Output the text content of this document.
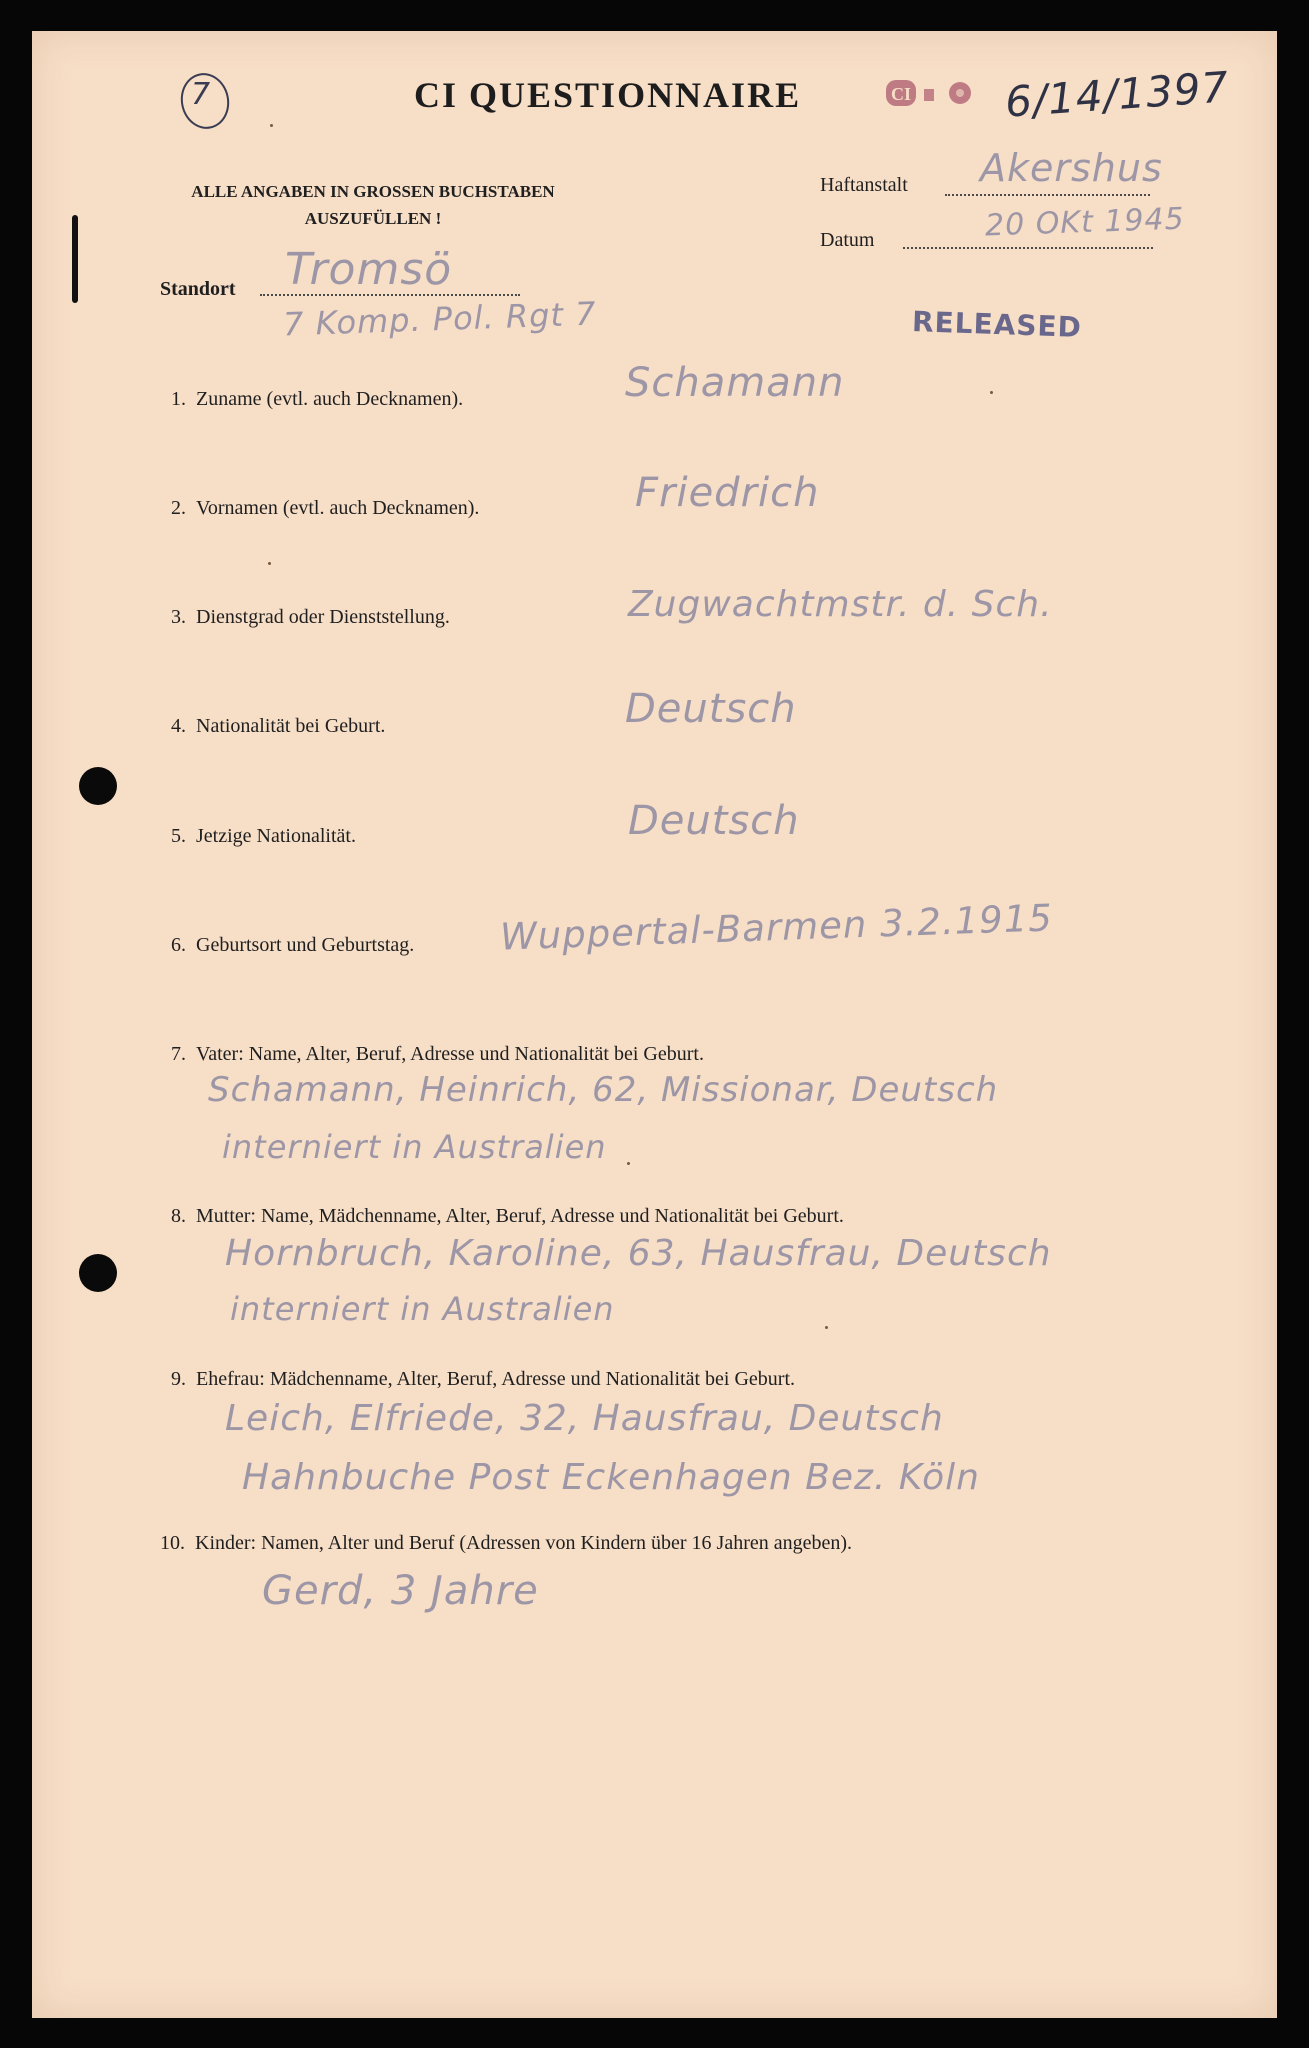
7	CI QUESTIONNAIRE	CI 6/14/1397
ALLE ANGABEN IN GROSSEN BUCHSTABEN AUSZUFÜLLEN !
Haftanstalt Akershus
Datum	20 OKt 1945
Standort Tromsö
7 Komp. Pol. Rgt 7	RELEASED
1. Zuname (evtl. auch Decknamen).	Schamann
2. Vornamen (evtl. auch Decknamen).	Friedrich
3. Dienstgrad oder Dienststellung.	Zugwachtmstr. d. Sch.
4. Nationalität bei Geburt.	Deutsch
5. Jetzige Nationalität.	Deutsch
6. Geburtsort und Geburtstag. Wuppertal-Barmen 3.2.1915
7. Vater: Name, Alter, Beruf, Adresse und Nationalität bei Geburt.
Schamann, Heinrich, 62, Missionar, Deutsch
interniert in Australien
8. Mutter: Name, Mädchenname, Alter, Beruf, Adresse und Nationalität bei Geburt.
Hornbruch, Karoline, 63, Hausfrau, Deutsch
interniert in Australien
9. Ehefrau: Mädchenname, Alter, Beruf, Adresse und Nationalität bei Geburt.
Leich, Elfriede, 32, Hausfrau, Deutsch
Hahnbuche Post Eckenhagen Bez. Köln
10. Kinder: Namen, Alter und Beruf (Adressen von Kindern über 16 Jahren angeben).
Gerd, 3 Jahre
